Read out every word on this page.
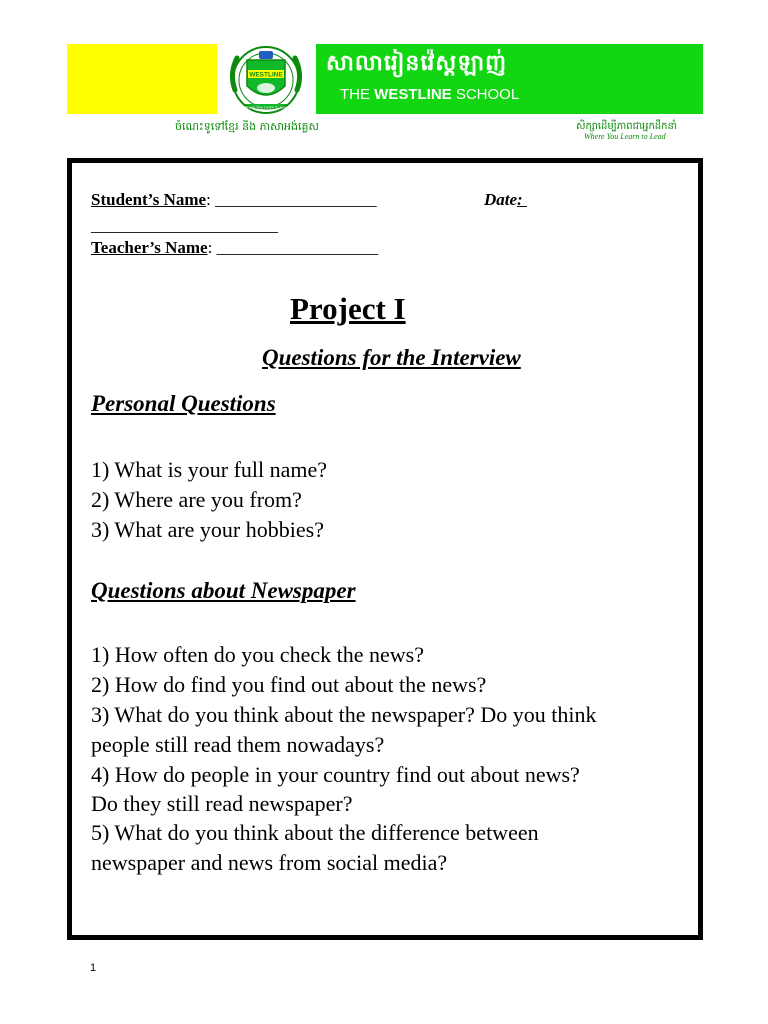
WESTLINE
Where You Learn to Lead
សាលារៀនវ៉េស្តឡាញ់
THE WESTLINE SCHOOL
ចំណេះទូទៅខ្មែរ និង ភាសាអង់គ្លេស	សិក្សាដើម្បីភាពជាអ្នកដឹកនាំ
Where You Learn to Lead
Student’s Name: ___________________	Date:
______________________
Teacher’s Name: ___________________
Project I
Questions for the Interview
Personal Questions
1) What is your full name?
2) Where are you from?
3) What are your hobbies?
Questions about Newspaper
1) How often do you check the news?
2) How do find you find out about the news?
3) What do you think about the newspaper? Do you think
people still read them nowadays?
4) How do people in your country find out about news?
Do they still read newspaper?
5) What do you think about the difference between
newspaper and news from social media?
1
